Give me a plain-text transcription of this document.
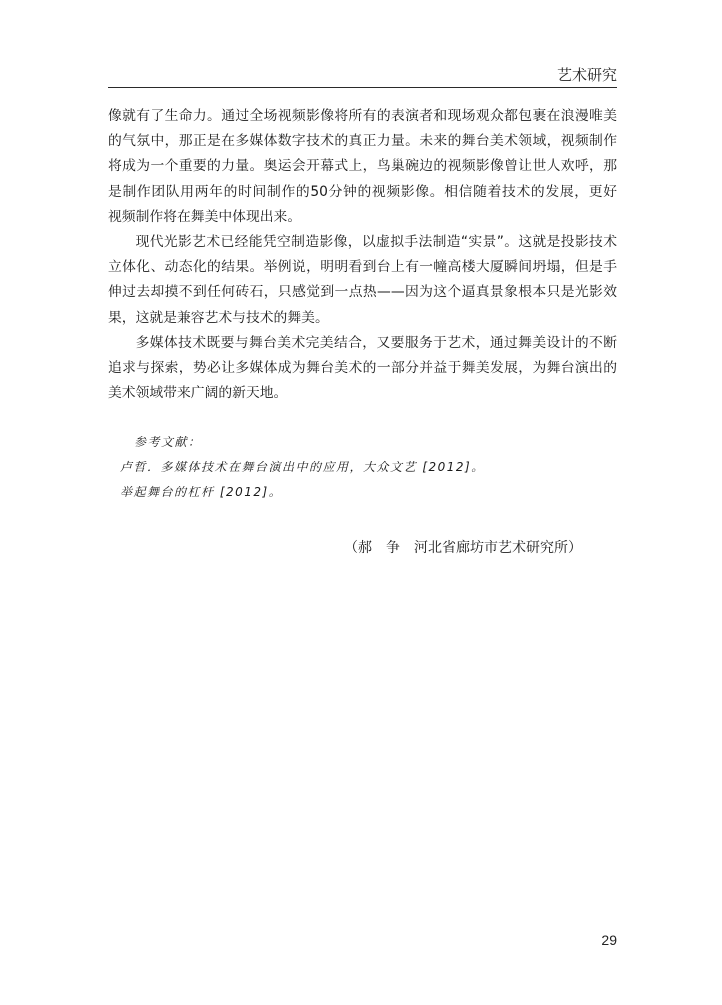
艺术研究
像就有了生命力。通过全场视频影像将所有的表演者和现场观众都包裹在浪漫唯美
的气氛中，那正是在多媒体数字技术的真正力量。未来的舞台美术领域，视频制作
将成为一个重要的力量。奥运会开幕式上，鸟巢碗边的视频影像曾让世人欢呼，那
是制作团队用两年的时间制作的50分钟的视频影像。相信随着技术的发展，更好
视频制作将在舞美中体现出来。
现代光影艺术已经能凭空制造影像，以虚拟手法制造“实景”。这就是投影技术
立体化、动态化的结果。举例说，明明看到台上有一幢高楼大厦瞬间坍塌，但是手
伸过去却摸不到任何砖石，只感觉到一点热——因为这个逼真景象根本只是光影效
果，这就是兼容艺术与技术的舞美。
多媒体技术既要与舞台美术完美结合，又要服务于艺术，通过舞美设计的不断
追求与探索，势必让多媒体成为舞台美术的一部分并益于舞美发展，为舞台演出的
美术领域带来广阔的新天地。
参考文献：
卢哲．多媒体技术在舞台演出中的应用，大众文艺 [2012]。
举起舞台的杠杆 [2012]。
（郝　争　河北省廊坊市艺术研究所）
29
